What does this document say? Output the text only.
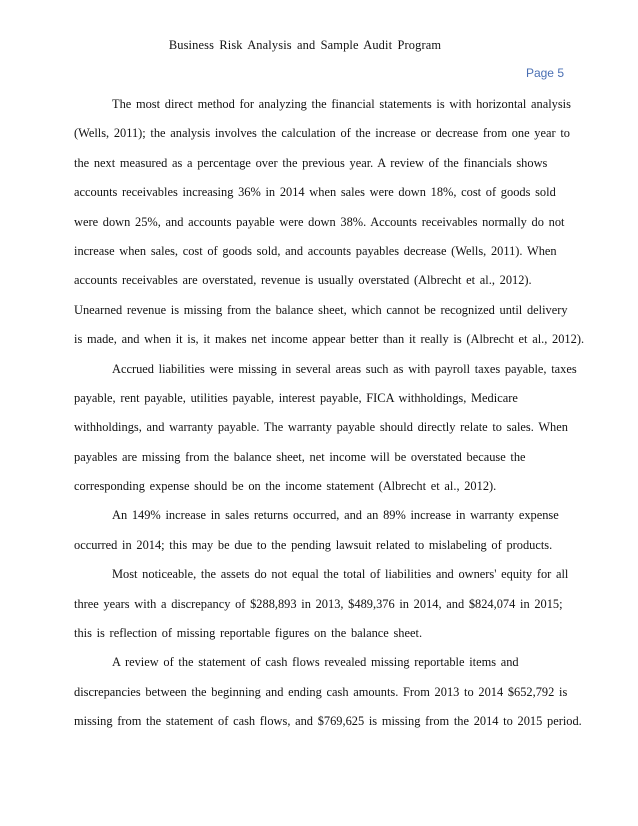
Business Risk Analysis and Sample Audit Program
Page 5
The most direct method for analyzing the financial statements is with horizontal analysis
(Wells, 2011); the analysis involves the calculation of the increase or decrease from one year to
the next measured as a percentage over the previous year. A review of the financials shows
accounts receivables increasing 36% in 2014 when sales were down 18%, cost of goods sold
were down 25%, and accounts payable were down 38%. Accounts receivables normally do not
increase when sales, cost of goods sold, and accounts payables decrease (Wells, 2011). When
accounts receivables are overstated, revenue is usually overstated (Albrecht et al., 2012).
Unearned revenue is missing from the balance sheet, which cannot be recognized until delivery
is made, and when it is, it makes net income appear better than it really is (Albrecht et al., 2012).
Accrued liabilities were missing in several areas such as with payroll taxes payable, taxes
payable, rent payable, utilities payable, interest payable, FICA withholdings, Medicare
withholdings, and warranty payable. The warranty payable should directly relate to sales. When
payables are missing from the balance sheet, net income will be overstated because the
corresponding expense should be on the income statement (Albrecht et al., 2012).
An 149% increase in sales returns occurred, and an 89% increase in warranty expense
occurred in 2014; this may be due to the pending lawsuit related to mislabeling of products.
Most noticeable, the assets do not equal the total of liabilities and owners' equity for all
three years with a discrepancy of $288,893 in 2013, $489,376 in 2014, and $824,074 in 2015;
this is reflection of missing reportable figures on the balance sheet.
A review of the statement of cash flows revealed missing reportable items and
discrepancies between the beginning and ending cash amounts. From 2013 to 2014 $652,792 is
missing from the statement of cash flows, and $769,625 is missing from the 2014 to 2015 period.
